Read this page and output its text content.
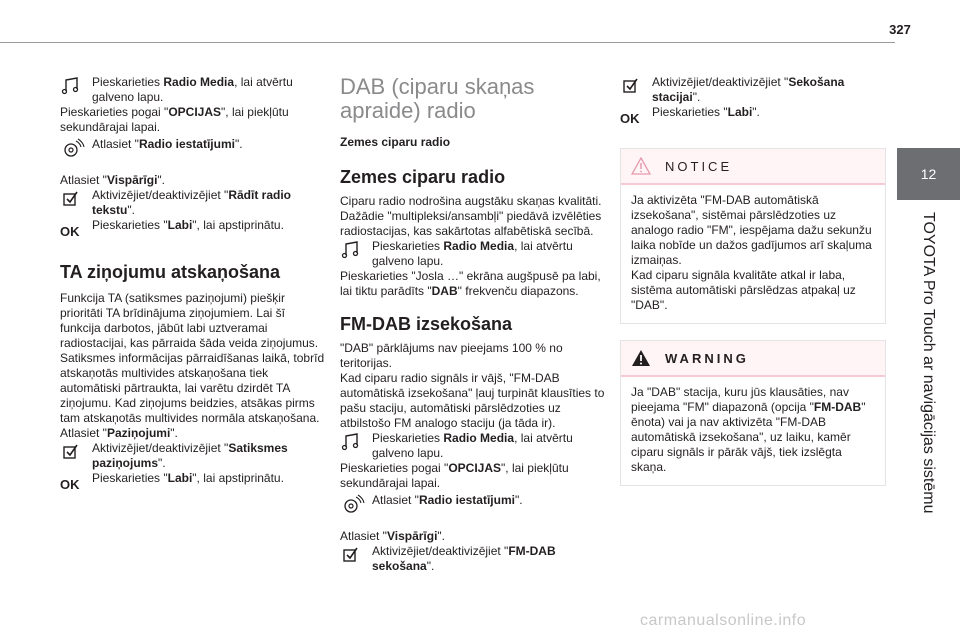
327
12
TOYOTA Pro Touch ar navigācijas sistēmu

Pieskarieties Radio Media, lai atvērtu galveno lapu.

Pieskarieties pogai "OPCIJAS", lai piekļūtu sekundārajai lapai.

Atlasiet "Radio iestatījumi".

Atlasiet "Vispārīgi".

Aktivizējiet/deaktivizējiet "Rādīt radio tekstu".

OK	Pieskarieties "Labi", lai apstiprinātu.

TA ziņojumu atskaņošana

Funkcija TA (satiksmes paziņojumi) piešķir prioritāti TA brīdinājuma ziņojumiem. Lai šī funkcija darbotos, jābūt labi uztveramai radiostacijai, kas pārraida šāda veida ziņojumus. Satiksmes informācijas pārraidīšanas laikā, tobrīd atskaņotās multivides atskaņošana tiek automātiski pārtraukta, lai varētu dzirdēt TA ziņojumu. Kad ziņojums beidzies, atsākas pirms tam atskaņotās multivides normāla atskaņošana.

Atlasiet "Paziņojumi".

Aktivizējiet/deaktivizējiet "Satiksmes paziņojums".

OK	Pieskarieties "Labi", lai apstiprinātu.

DAB (ciparu skaņas apraide) radio
Zemes ciparu radio
Zemes ciparu radio

Ciparu radio nodrošina augstāku skaņas kvalitāti.

Dažādie "multipleksi/ansambļi" piedāvā izvēlēties radiostacijas, kas sakārtotas alfabētiskā secībā.

Pieskarieties Radio Media, lai atvērtu galveno lapu.

Pieskarieties "Josla …" ekrāna augšpusē pa labi, lai tiktu parādīts "DAB" frekvenču diapazons.

FM-DAB izsekošana

"DAB" pārklājums nav pieejams 100 % no teritorijas.

Kad ciparu radio signāls ir vājš, "FM-DAB automātiskā izsekošana" ļauj turpināt klausīties to pašu staciju, automātiski pārslēdzoties uz atbilstošo FM analogo staciju (ja tāda ir).

Pieskarieties Radio Media, lai atvērtu galveno lapu.

Pieskarieties pogai "OPCIJAS", lai piekļūtu sekundārajai lapai.

Atlasiet "Radio iestatījumi".

Atlasiet "Vispārīgi".

Aktivizējiet/deaktivizējiet "FM-DAB sekošana".

Aktivizējiet/deaktivizējiet "Sekošana stacijai".

OK	Pieskarieties "Labi".

NOTICE

Ja aktivizēta "FM-DAB automātiskā izsekošana", sistēmai pārslēdzoties uz analogo radio "FM", iespējama dažu sekunžu laika nobīde un dažos gadījumos arī skaļuma izmaiņas.

Kad ciparu signāla kvalitāte atkal ir laba, sistēma automātiski pārslēdzas atpakaļ uz "DAB".

WARNING

Ja "DAB" stacija, kuru jūs klausāties, nav pieejama "FM" diapazonā (opcija "FM-DAB" ēnota) vai ja nav aktivizēta "FM-DAB automātiskā izsekošana", uz laiku, kamēr ciparu signāls ir pārāk vājš, tiek izslēgta skaņa.

carmanualsonline.info
